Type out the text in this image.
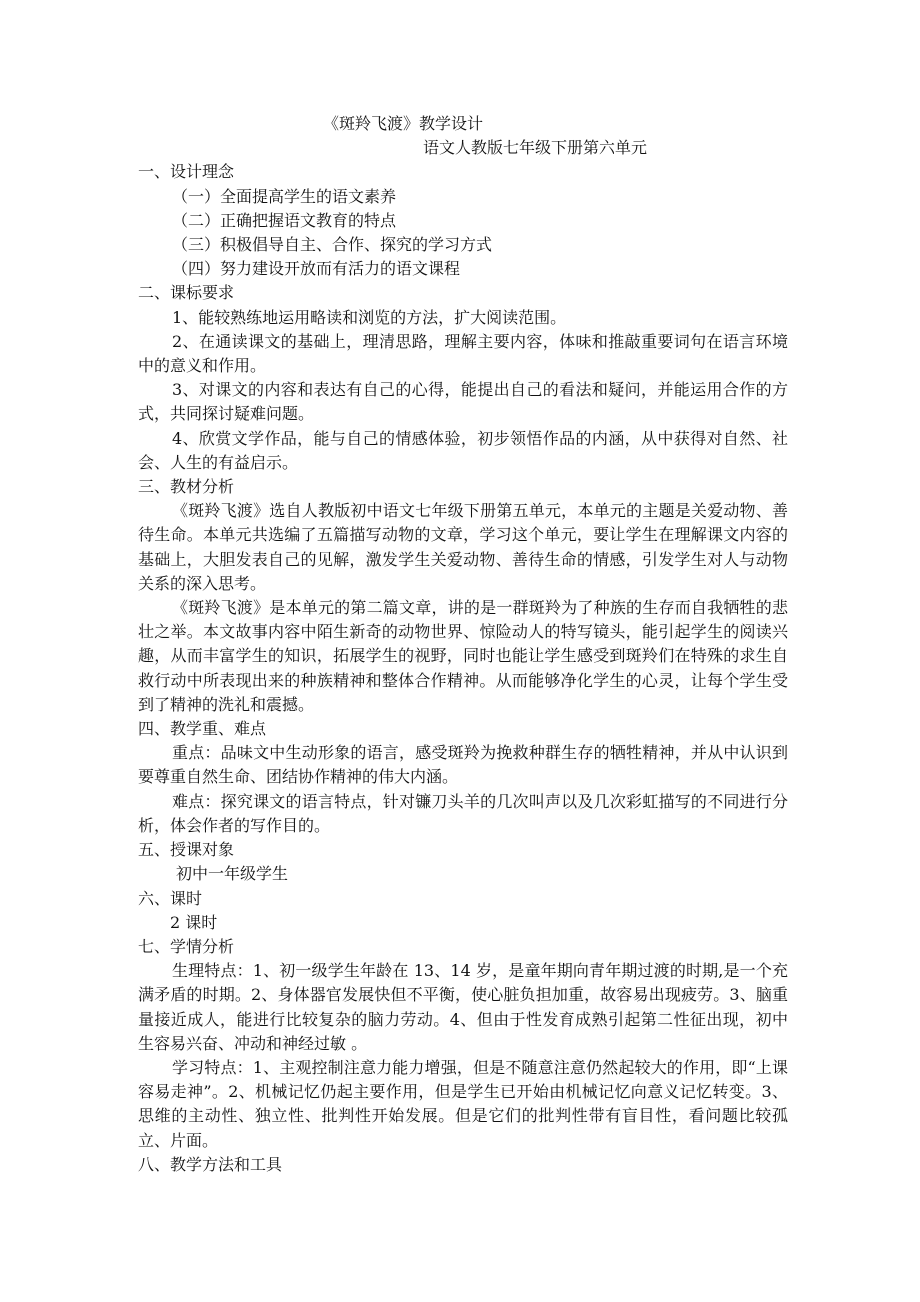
《斑羚飞渡》教学设计
语文人教版七年级下册第六单元
一、设计理念
（一）全面提高学生的语文素养
（二）正确把握语文教育的特点
（三）积极倡导自主、合作、探究的学习方式
（四）努力建设开放而有活力的语文课程
二、课标要求

1、能较熟练地运用略读和浏览的方法，扩大阅读范围。

2、在通读课文的基础上，理清思路，理解主要内容，体味和推敲重要词句在语言环境中的意义和作用。

3、对课文的内容和表达有自己的心得，能提出自己的看法和疑问，并能运用合作的方式，共同探讨疑难问题。

4、欣赏文学作品，能与自己的情感体验，初步领悟作品的内涵，从中获得对自然、社会、人生的有益启示。

三、教材分析

《斑羚飞渡》选自人教版初中语文七年级下册第五单元，本单元的主题是关爱动物、善待生命。本单元共选编了五篇描写动物的文章，学习这个单元，要让学生在理解课文内容的基础上，大胆发表自己的见解，激发学生关爱动物、善待生命的情感，引发学生对人与动物关系的深入思考。

《斑羚飞渡》是本单元的第二篇文章，讲的是一群斑羚为了种族的生存而自我牺牲的悲壮之举。本文故事内容中陌生新奇的动物世界、惊险动人的特写镜头，能引起学生的阅读兴趣，从而丰富学生的知识，拓展学生的视野，同时也能让学生感受到斑羚们在特殊的求生自救行动中所表现出来的种族精神和整体合作精神。从而能够净化学生的心灵，让每个学生受到了精神的洗礼和震撼。

四、教学重、难点

重点：品味文中生动形象的语言，感受斑羚为挽救种群生存的牺牲精神，并从中认识到要尊重自然生命、团结协作精神的伟大内涵。

难点：探究课文的语言特点，针对镰刀头羊的几次叫声以及几次彩虹描写的不同进行分析，体会作者的写作目的。

五、授课对象
初中一年级学生
六、课时
2 课时
七、学情分析

生理特点：1、初一级学生年龄在 13、14 岁，是童年期向青年期过渡的时期,是一个充满矛盾的时期。2、身体器官发展快但不平衡，使心脏负担加重，故容易出现疲劳。3、脑重量接近成人，能进行比较复杂的脑力劳动。4、但由于性发育成熟引起第二性征出现，初中生容易兴奋、冲动和神经过敏 。

学习特点：1、主观控制注意力能力增强，但是不随意注意仍然起较大的作用，即“上课容易走神”。2、机械记忆仍起主要作用，但是学生已开始由机械记忆向意义记忆转变。3、思维的主动性、独立性、批判性开始发展。但是它们的批判性带有盲目性，看问题比较孤立、片面。

八、教学方法和工具
